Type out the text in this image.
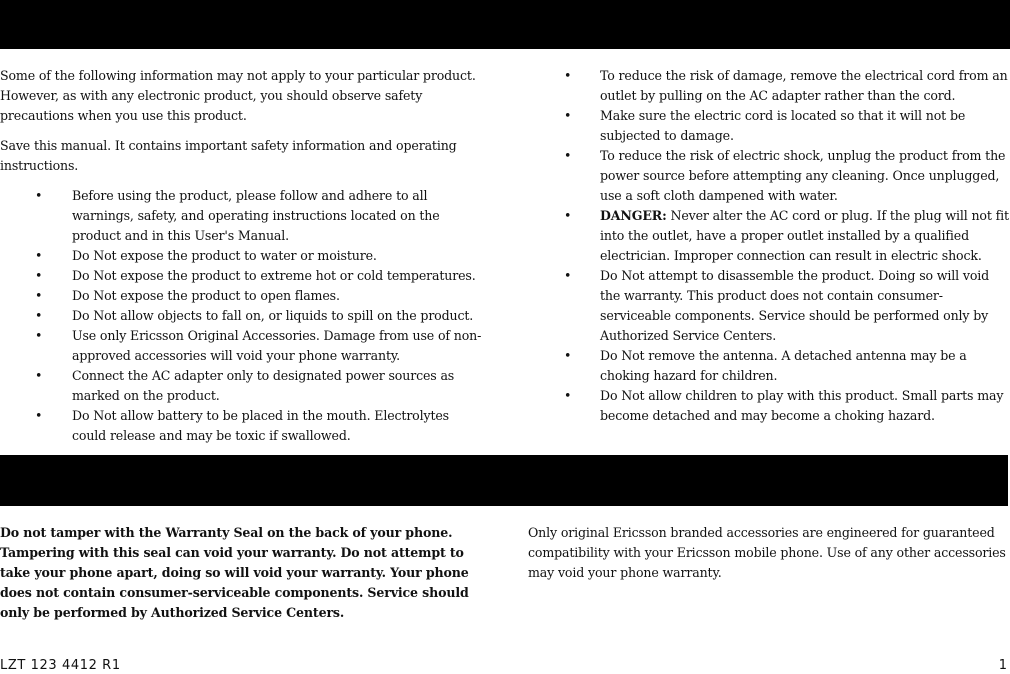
Some of the following information may not apply to your particular product. However, as with any electronic product, you should observe safety precautions when you use this product.

Save this manual. It contains important safety information and operating instructions.

• Before using the product, please follow and adhere to all warnings, safety, and operating instructions located on the product and in this User's Manual.
• Do Not expose the product to water or moisture.
• Do Not expose the product to extreme hot or cold temperatures.
• Do Not expose the product to open flames.
• Do Not allow objects to fall on, or liquids to spill on the product.
• Use only Ericsson Original Accessories. Damage from use of non-approved accessories will void your phone warranty.
• Connect the AC adapter only to designated power sources as marked on the product.
• Do Not allow battery to be placed in the mouth. Electrolytes could release and may be toxic if swallowed.
• To reduce the risk of damage, remove the electrical cord from an outlet by pulling on the AC adapter rather than the cord.
• Make sure the electric cord is located so that it will not be subjected to damage.
• To reduce the risk of electric shock, unplug the product from the power source before attempting any cleaning. Once unplugged, use a soft cloth dampened with water.
• DANGER: Never alter the AC cord or plug. If the plug will not fit into the outlet, have a proper outlet installed by a qualified electrician. Improper connection can result in electric shock.
• Do Not attempt to disassemble the product. Doing so will void the warranty. This product does not contain consumer-serviceable components. Service should be performed only by Authorized Service Centers.
• Do Not remove the antenna. A detached antenna may be a choking hazard for children.
• Do Not allow children to play with this product. Small parts may become detached and may become a choking hazard.
Do not tamper with the Warranty Seal on the back of your phone. Tampering with this seal can void your warranty. Do not attempt to take your phone apart, doing so will void your warranty. Your phone does not contain consumer-serviceable components. Service should only be performed by Authorized Service Centers.
Only original Ericsson branded accessories are engineered for guaranteed compatibility with your Ericsson mobile phone. Use of any other accessories may void your phone warranty.
LZT 123 4412 R1	1
